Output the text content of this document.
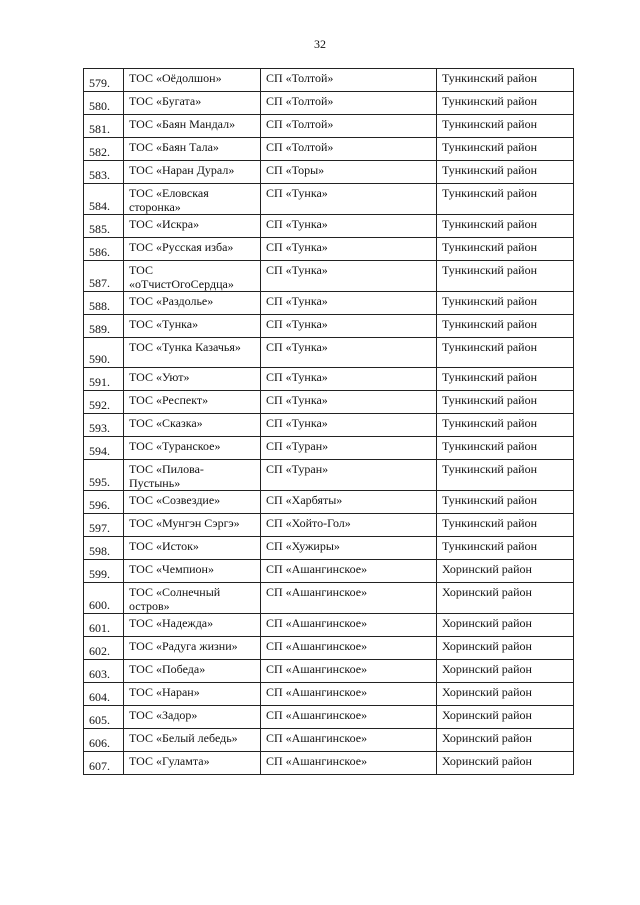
32
579.	ТОС «Оёдолшон»	СП «Толтой»	Тункинский район
580.	ТОС «Бугата»	СП «Толтой»	Тункинский район
581.	ТОС «Баян Мандал»	СП «Толтой»	Тункинский район
582.	ТОС «Баян Тала»	СП «Толтой»	Тункинский район
583.	ТОС «Наран Дурал»	СП «Торы»	Тункинский район
584.	ТОС «Еловская сторонка»	СП «Тунка»	Тункинский район
585.	ТОС «Искра»	СП «Тунка»	Тункинский район
586.	ТОС «Русская изба»	СП «Тунка»	Тункинский район
587.	ТОС «оТчистОгоСердца»	СП «Тунка»	Тункинский район
588.	ТОС «Раздолье»	СП «Тунка»	Тункинский район
589.	ТОС «Тунка»	СП «Тунка»	Тункинский район
590.	ТОС «Тунка Казачья»	СП «Тунка»	Тункинский район
591.	ТОС «Уют»	СП «Тунка»	Тункинский район
592.	ТОС «Респект»	СП «Тунка»	Тункинский район
593.	ТОС «Сказка»	СП «Тунка»	Тункинский район
594.	ТОС «Туранское»	СП «Туран»	Тункинский район
595.	ТОС «Пилова-Пустынь»	СП «Туран»	Тункинский район
596.	ТОС «Созвездие»	СП «Харбяты»	Тункинский район
597.	ТОС «Мунгэн Сэргэ»	СП «Хойто-Гол»	Тункинский район
598.	ТОС «Исток»	СП «Хужиры»	Тункинский район
599.	ТОС «Чемпион»	СП «Ашангинское»	Хоринский район
600.	ТОС «Солнечный остров»	СП «Ашангинское»	Хоринский район
601.	ТОС «Надежда»	СП «Ашангинское»	Хоринский район
602.	ТОС «Радуга жизни»	СП «Ашангинское»	Хоринский район
603.	ТОС «Победа»	СП «Ашангинское»	Хоринский район
604.	ТОС «Наран»	СП «Ашангинское»	Хоринский район
605.	ТОС «Задор»	СП «Ашангинское»	Хоринский район
606.	ТОС «Белый лебедь»	СП «Ашангинское»	Хоринский район
607.	ТОС «Гуламта»	СП «Ашангинское»	Хоринский район
